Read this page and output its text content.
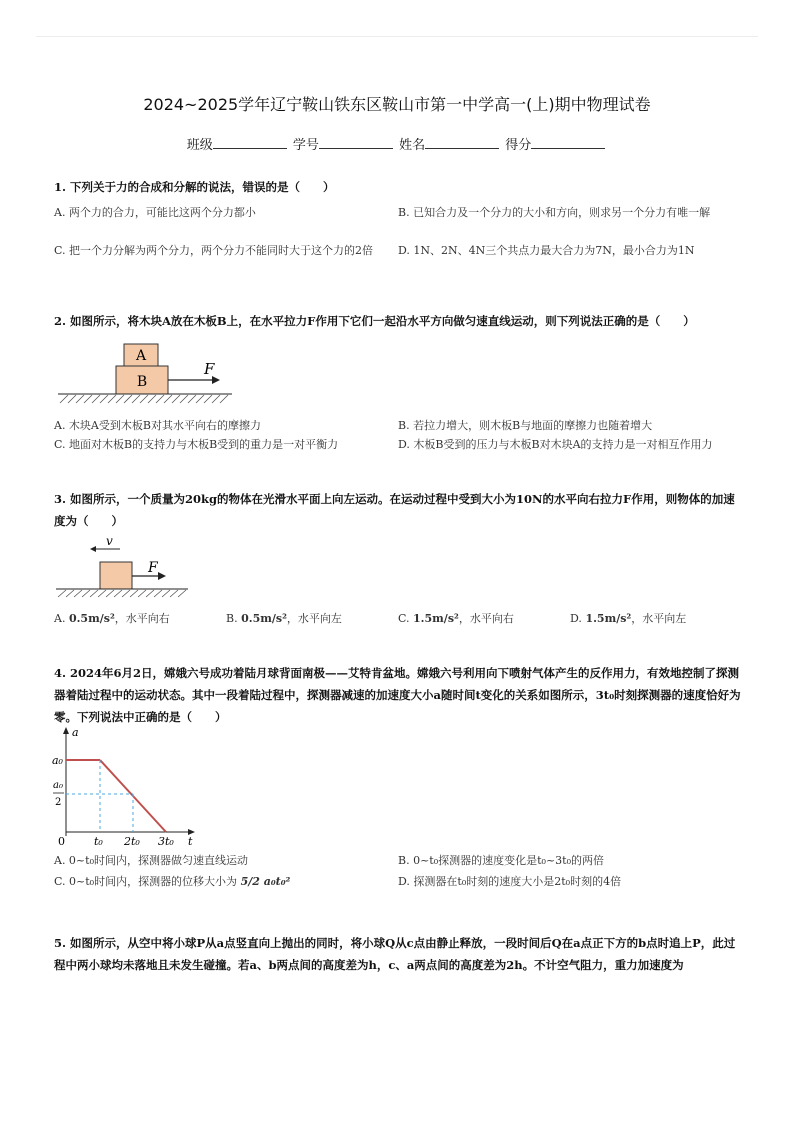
2024~2025学年辽宁鞍山铁东区鞍山市第一中学高一(上)期中物理试卷
班级	学号	姓名	得分
1. 下列关于力的合成和分解的说法，错误的是（　　）
A. 两个力的合力，可能比这两个分力都小	B. 已知合力及一个分力的大小和方向，则求另一个分力有唯一解
C. 把一个力分解为两个分力，两个分力不能同时大于这个力的2倍	D. 1N、2N、4N三个共点力最大合力为7N，最小合力为1N
2. 如图所示，将木块A放在木板B上，在水平拉力F作用下它们一起沿水平方向做匀速直线运动，则下列说法正确的是（　　）
A
B
F
A. 木块A受到木板B对其水平向右的摩擦力	B. 若拉力增大，则木板B与地面的摩擦力也随着增大
C. 地面对木板B的支持力与木板B受到的重力是一对平衡力	D. 木板B受到的压力与木板B对木块A的支持力是一对相互作用力
3. 如图所示，一个质量为20kg的物体在光滑水平面上向左运动。在运动过程中受到大小为10N的水平向右拉力F作用，则物体的加速度为（　　）
v
F
A. 0.5m/s²，水平向右	B. 0.5m/s²，水平向左	C. 1.5m/s²，水平向右	D. 1.5m/s²，水平向左
4. 2024年6月2日，嫦娥六号成功着陆月球背面南极——艾特肯盆地。嫦娥六号利用向下喷射气体产生的反作用力，有效地控制了探测器着陆过程中的运动状态。其中一段着陆过程中，探测器减速的加速度大小a随时间t变化的关系如图所示，3t₀时刻探测器的速度恰好为零。下列说法中正确的是（　　）
a
t
0
a₀
a₀
2
t₀ 2t₀ 3t₀
A. 0~t₀时间内，探测器做匀速直线运动	B. 0~t₀探测器的速度变化是t₀~3t₀的两倍
C. 0~t₀时间内，探测器的位移大小为 5/2 a₀t₀²	D. 探测器在t₀时刻的速度大小是2t₀时刻的4倍
5. 如图所示，从空中将小球P从a点竖直向上抛出的同时，将小球Q从c点由静止释放，一段时间后Q在a点正下方的b点时追上P，此过程中两小球均未落地且未发生碰撞。若a、b两点间的高度差为h，c、a两点间的高度差为2h。不计空气阻力，重力加速度为
